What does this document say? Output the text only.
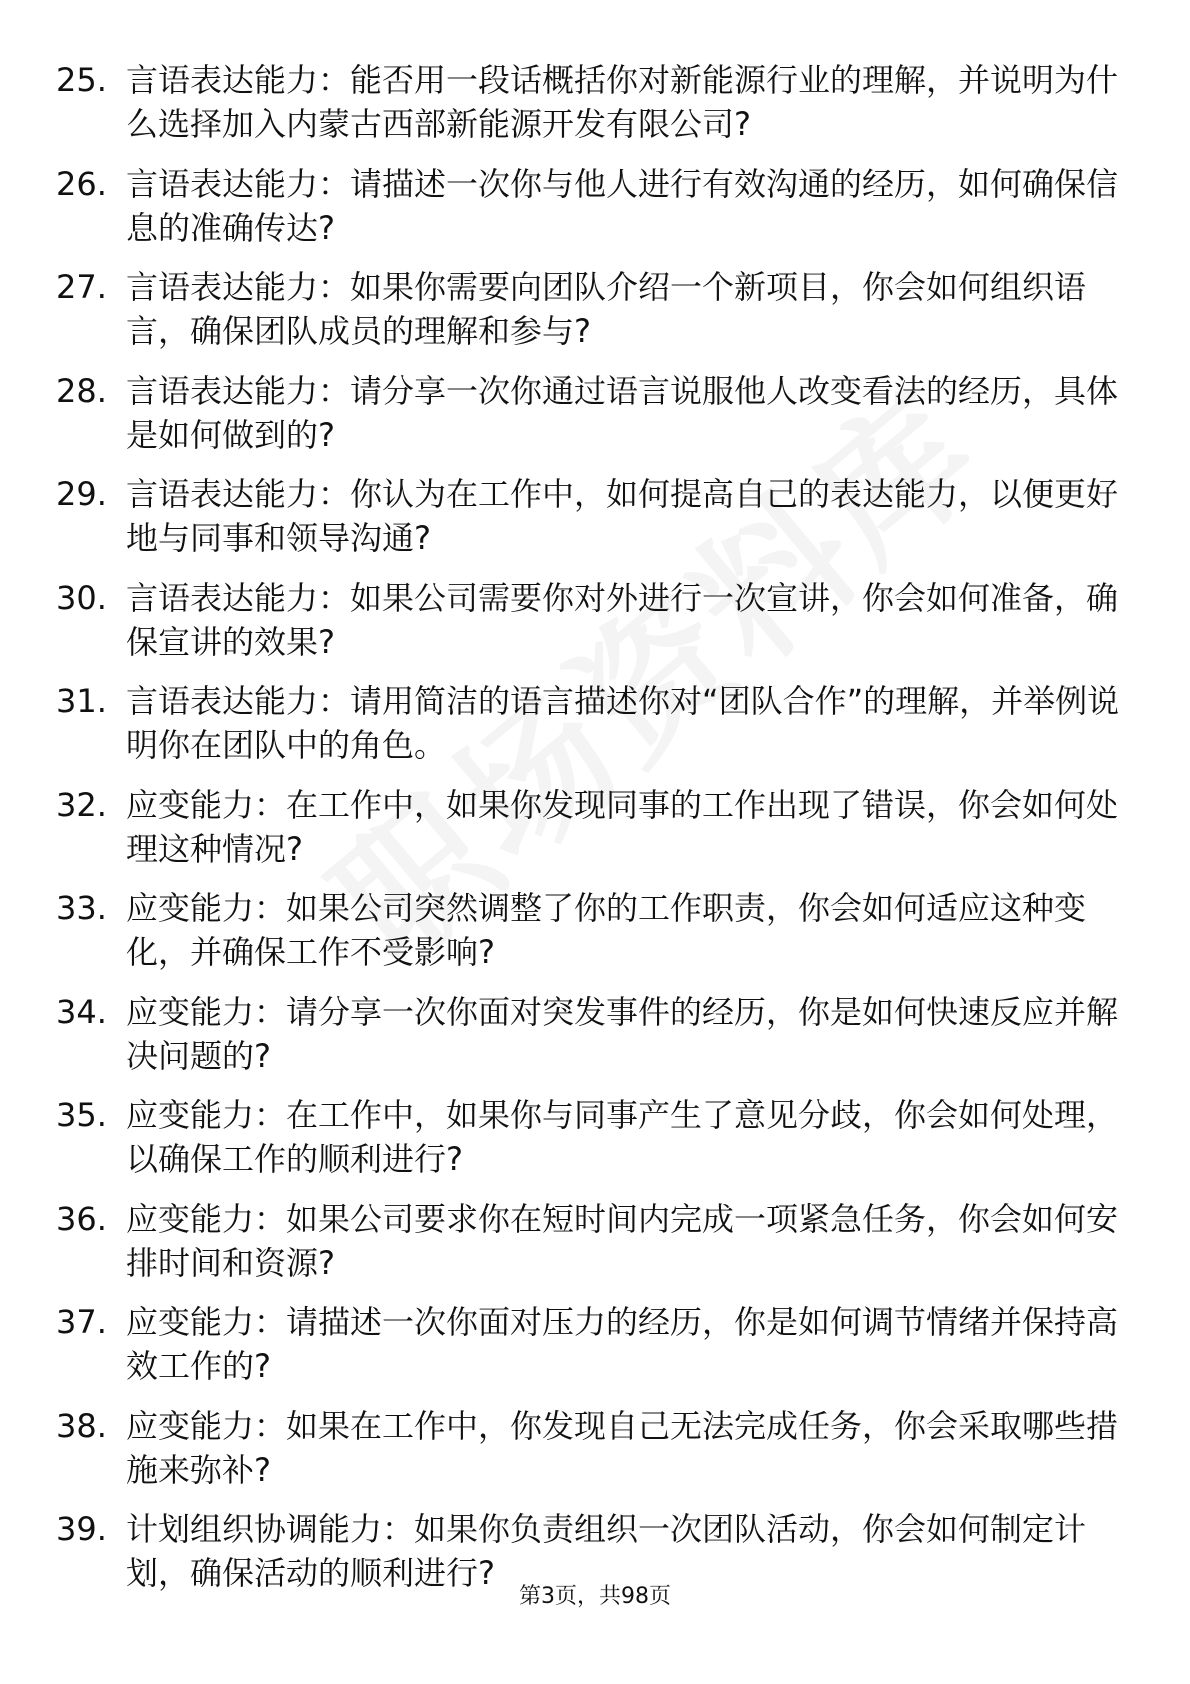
25. 言语表达能力：能否用一段话概括你对新能源行业的理解，并说明为什么选择加入内蒙古西部新能源开发有限公司?
26. 言语表达能力：请描述一次你与他人进行有效沟通的经历，如何确保信息的准确传达?
27. 言语表达能力：如果你需要向团队介绍一个新项目，你会如何组织语言，确保团队成员的理解和参与?
28. 言语表达能力：请分享一次你通过语言说服他人改变看法的经历，具体是如何做到的?
29. 言语表达能力：你认为在工作中，如何提高自己的表达能力，以便更好地与同事和领导沟通?
30. 言语表达能力：如果公司需要你对外进行一次宣讲，你会如何准备，确保宣讲的效果?
31. 言语表达能力：请用简洁的语言描述你对“团队合作”的理解，并举例说明你在团队中的角色。
32. 应变能力：在工作中，如果你发现同事的工作出现了错误，你会如何处理这种情况?
33. 应变能力：如果公司突然调整了你的工作职责，你会如何适应这种变化，并确保工作不受影响?
34. 应变能力：请分享一次你面对突发事件的经历，你是如何快速反应并解决问题的?
35. 应变能力：在工作中，如果你与同事产生了意见分歧，你会如何处理，以确保工作的顺利进行?
36. 应变能力：如果公司要求你在短时间内完成一项紧急任务，你会如何安排时间和资源?
37. 应变能力：请描述一次你面对压力的经历，你是如何调节情绪并保持高效工作的?
38. 应变能力：如果在工作中，你发现自己无法完成任务，你会采取哪些措施来弥补?
39. 计划组织协调能力：如果你负责组织一次团队活动，你会如何制定计划，确保活动的顺利进行?
第3页，共98页
